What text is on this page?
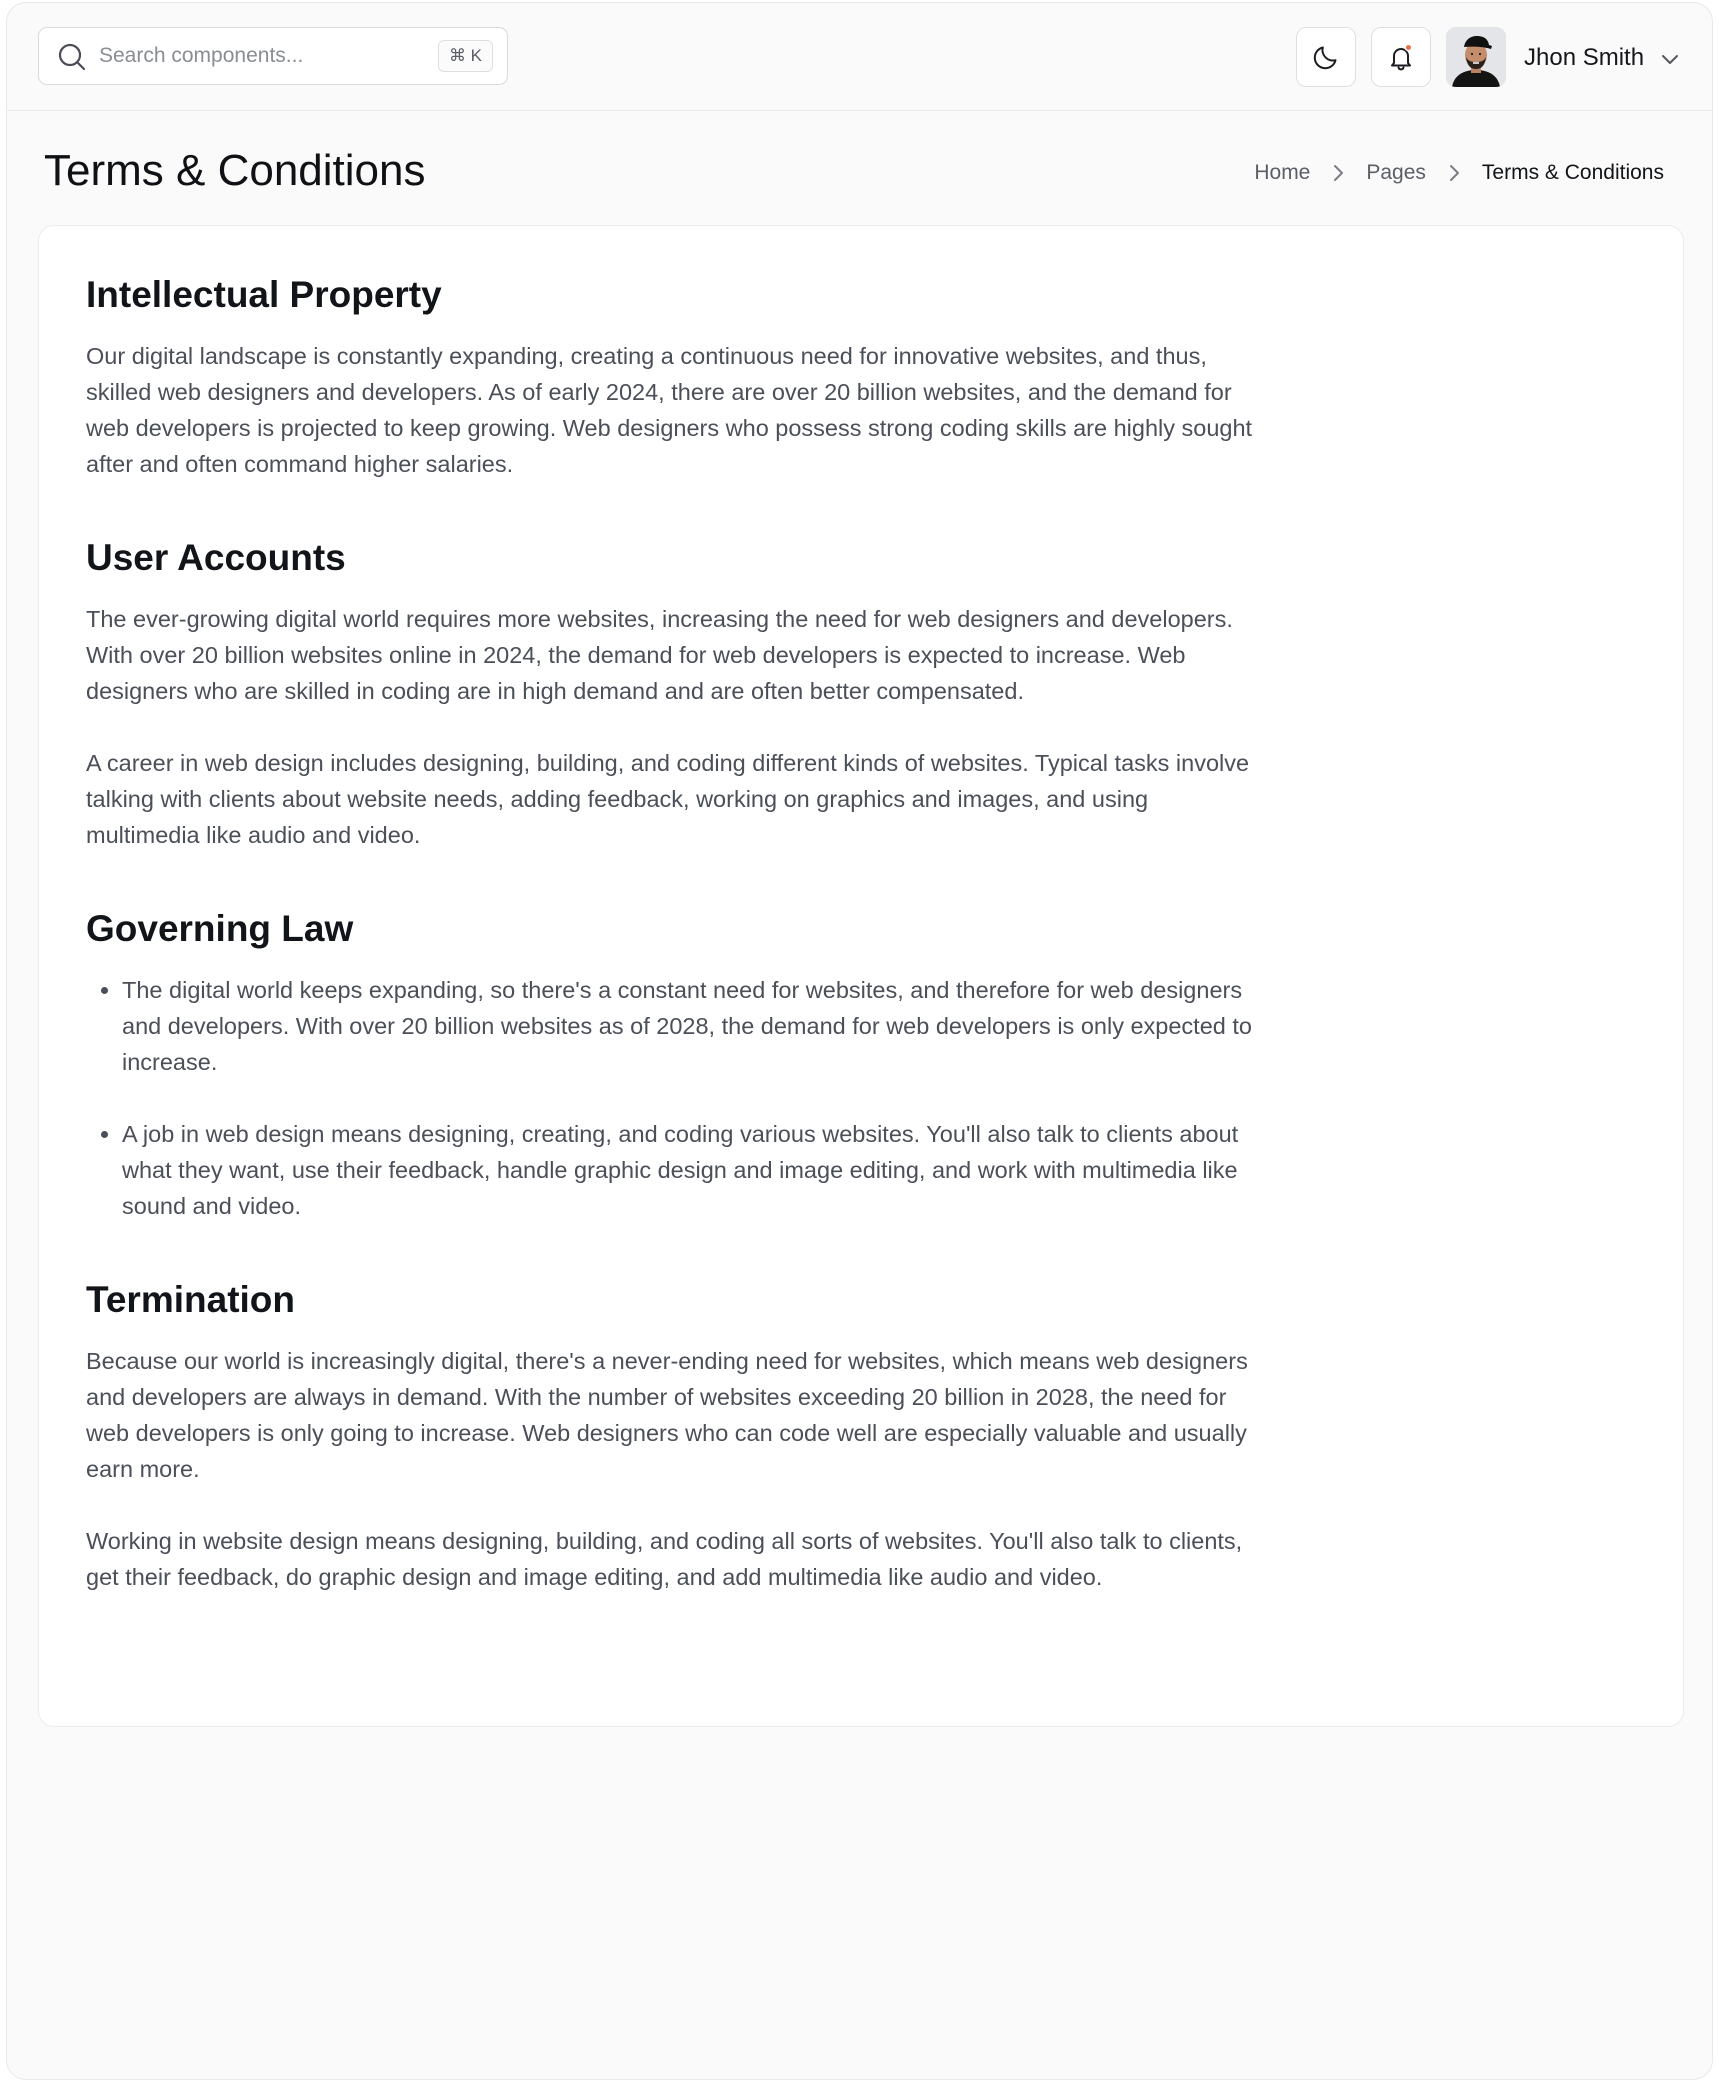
Search components...	⌘ K	Jhon Smith
Terms & Conditions	Home	Pages	Terms & Conditions
Intellectual Property

Our digital landscape is constantly expanding, creating a continuous need for innovative websites, and thus, skilled web designers and developers. As of early 2024, there are over 20 billion websites, and the demand for web developers is projected to keep growing. Web designers who possess strong coding skills are highly sought after and often command higher salaries.

User Accounts

The ever-growing digital world requires more websites, increasing the need for web designers and developers. With over 20 billion websites online in 2024, the demand for web developers is expected to increase. Web designers who are skilled in coding are in high demand and are often better compensated.

A career in web design includes designing, building, and coding different kinds of websites. Typical tasks involve talking with clients about website needs, adding feedback, working on graphics and images, and using multimedia like audio and video.

Governing Law
• The digital world keeps expanding, so there's a constant need for websites, and therefore for web designers and developers. With over 20 billion websites as of 2028, the demand for web developers is only expected to increase.
• A job in web design means designing, creating, and coding various websites. You'll also talk to clients about what they want, use their feedback, handle graphic design and image editing, and work with multimedia like sound and video.
Termination

Because our world is increasingly digital, there's a never-ending need for websites, which means web designers and developers are always in demand. With the number of websites exceeding 20 billion in 2028, the need for web developers is only going to increase. Web designers who can code well are especially valuable and usually earn more.

Working in website design means designing, building, and coding all sorts of websites. You'll also talk to clients, get their feedback, do graphic design and image editing, and add multimedia like audio and video.
